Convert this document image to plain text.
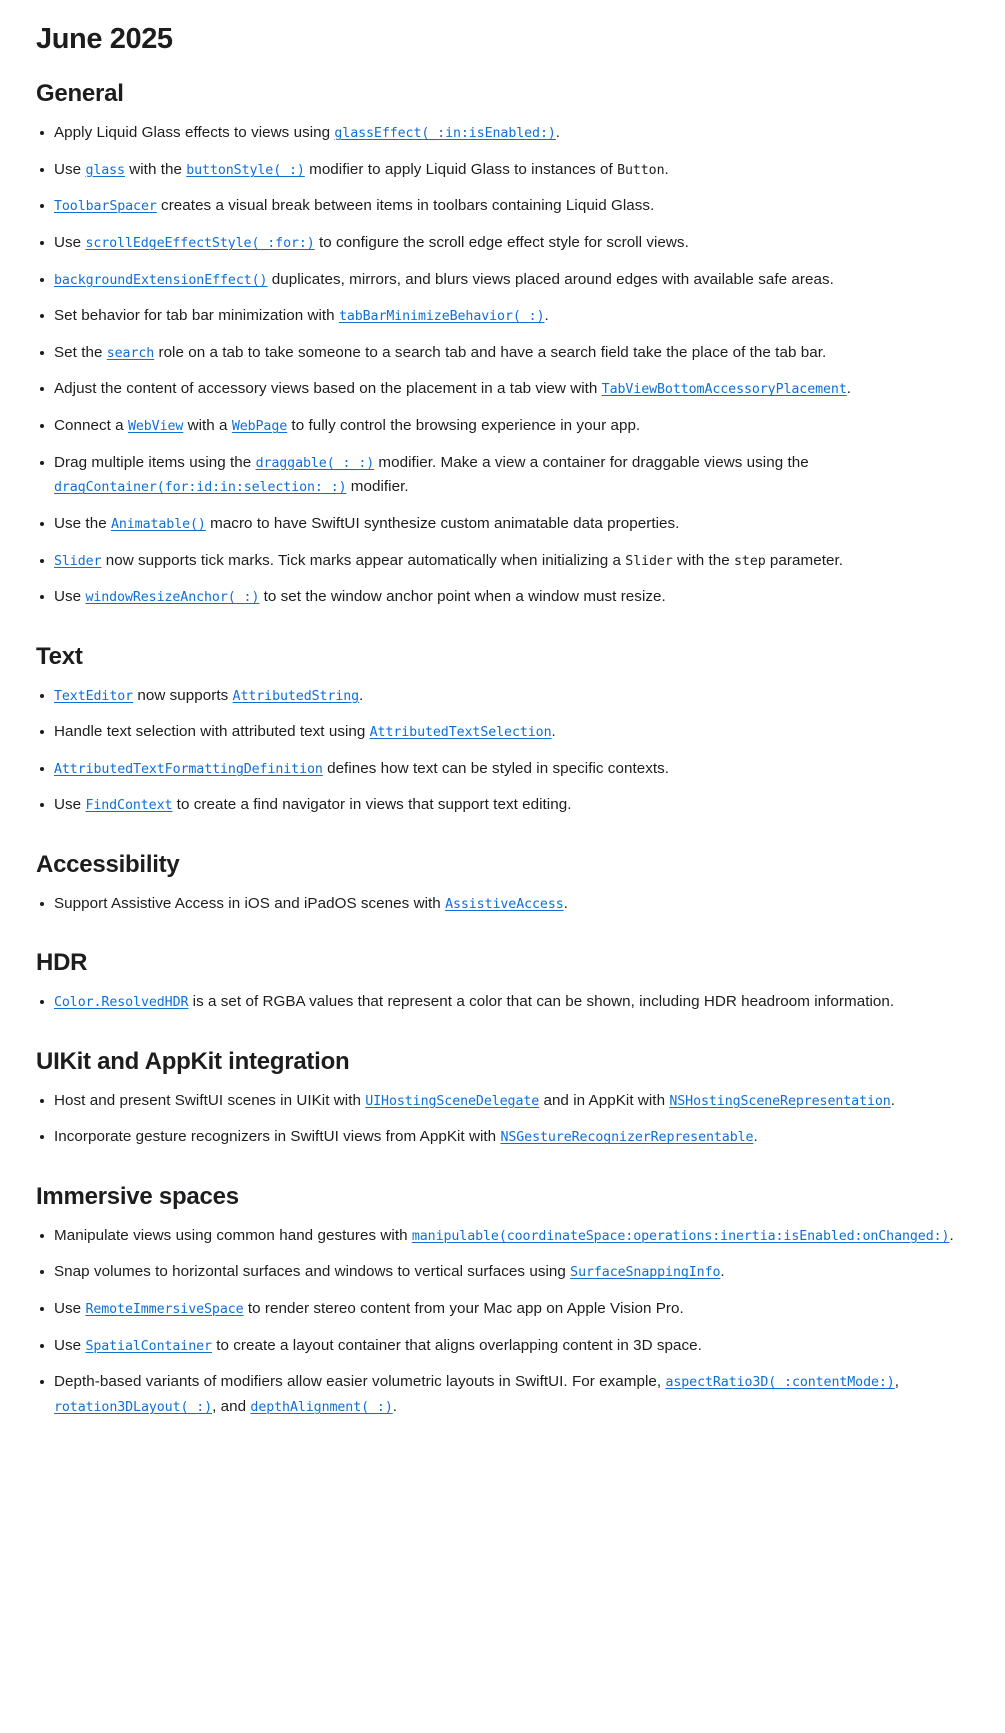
June 2025
General
Apply Liquid Glass effects to views using glassEffect(_:in:isEnabled:).
Use glass with the buttonStyle(_:) modifier to apply Liquid Glass to instances of Button.
ToolbarSpacer creates a visual break between items in toolbars containing Liquid Glass.
Use scrollEdgeEffectStyle(_:for:) to configure the scroll edge effect style for scroll views.
backgroundExtensionEffect() duplicates, mirrors, and blurs views placed around edges with available safe areas.
Set behavior for tab bar minimization with tabBarMinimizeBehavior(_:).
Set the search role on a tab to take someone to a search tab and have a search field take the place of the tab bar.
Adjust the content of accessory views based on the placement in a tab view with TabViewBottomAccessoryPlacement.
Connect a WebView with a WebPage to fully control the browsing experience in your app.
Drag multiple items using the draggable(_:_:) modifier. Make a view a container for draggable views using the dragContainer(for:id:in:selection:_:) modifier.
Use the Animatable() macro to have SwiftUI synthesize custom animatable data properties.
Slider now supports tick marks. Tick marks appear automatically when initializing a Slider with the step parameter.
Use windowResizeAnchor(_:) to set the window anchor point when a window must resize.
Text
TextEditor now supports AttributedString.
Handle text selection with attributed text using AttributedTextSelection.
AttributedTextFormattingDefinition defines how text can be styled in specific contexts.
Use FindContext to create a find navigator in views that support text editing.
Accessibility
Support Assistive Access in iOS and iPadOS scenes with AssistiveAccess.
HDR
Color.ResolvedHDR is a set of RGBA values that represent a color that can be shown, including HDR headroom information.
UIKit and AppKit integration
Host and present SwiftUI scenes in UIKit with UIHostingSceneDelegate and in AppKit with NSHostingSceneRepresentation.
Incorporate gesture recognizers in SwiftUI views from AppKit with NSGestureRecognizerRepresentable.
Immersive spaces
Manipulate views using common hand gestures with manipulable(coordinateSpace:operations:inertia:isEnabled:onChanged:).
Snap volumes to horizontal surfaces and windows to vertical surfaces using SurfaceSnappingInfo.
Use RemoteImmersiveSpace to render stereo content from your Mac app on Apple Vision Pro.
Use SpatialContainer to create a layout container that aligns overlapping content in 3D space.
Depth-based variants of modifiers allow easier volumetric layouts in SwiftUI. For example, aspectRatio3D(_:contentMode:), rotation3DLayout(_:), and depthAlignment(_:).
